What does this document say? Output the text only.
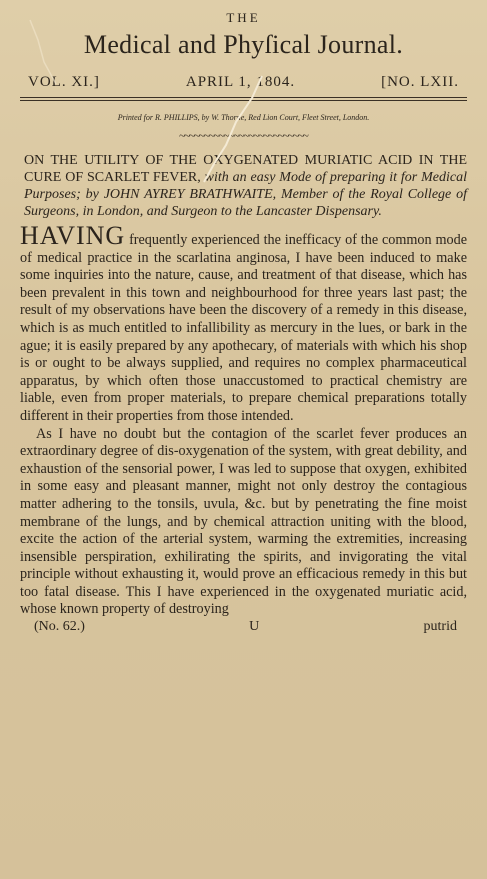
THE
Medical and Phyſical Journal.
VOL. XI.]	APRIL 1, 1804.	[NO. LXII.
Printed for R. PHILLIPS, by W. Thorne, Red Lion Court, Fleet Street, London.
~~~~~~~~~~~~~~~~~~~~~~~~~~
ON THE UTILITY OF THE OXYGENATED MURIATIC ACID IN THE CURE OF SCARLET FEVER, with an easy Mode of preparing it for Medical Purposes; by JOHN AYREY BRATHWAITE, Member of the Royal College of Surgeons, in London, and Surgeon to the Lancaster Dispensary.

HAVING frequently experienced the inefficacy of the common mode of medical practice in the scarlatina anginosa, I have been induced to make some inquiries into the nature, cause, and treatment of that disease, which has been prevalent in this town and neighbourhood for three years last past; the result of my observations have been the discovery of a remedy in this disease, which is as much entitled to infallibility as mercury in the lues, or bark in the ague; it is easily prepared by any apothecary, of materials with which his shop is or ought to be always supplied, and requires no complex pharmaceutical apparatus, by which often those unaccustomed to practical chemistry are liable, even from proper materials, to prepare chemical preparations totally different in their properties from those intended.

As I have no doubt but the contagion of the scarlet fever produces an extraordinary degree of dis-oxygenation of the system, with great debility, and exhaustion of the sensorial power, I was led to suppose that oxygen, exhibited in some easy and pleasant manner, might not only destroy the contagious matter adhering to the tonsils, uvula, &c. but by penetrating the fine moist membrane of the lungs, and by chemical attraction uniting with the blood, excite the action of the arterial system, warming the extremities, increasing insensible perspiration, exhilirating the spirits, and invigorating the vital principle without exhausting it, would prove an efficacious remedy in this but too fatal disease. This I have experienced in the oxygenated muriatic acid, whose known property of destroying

(No. 62.)	U	putrid
